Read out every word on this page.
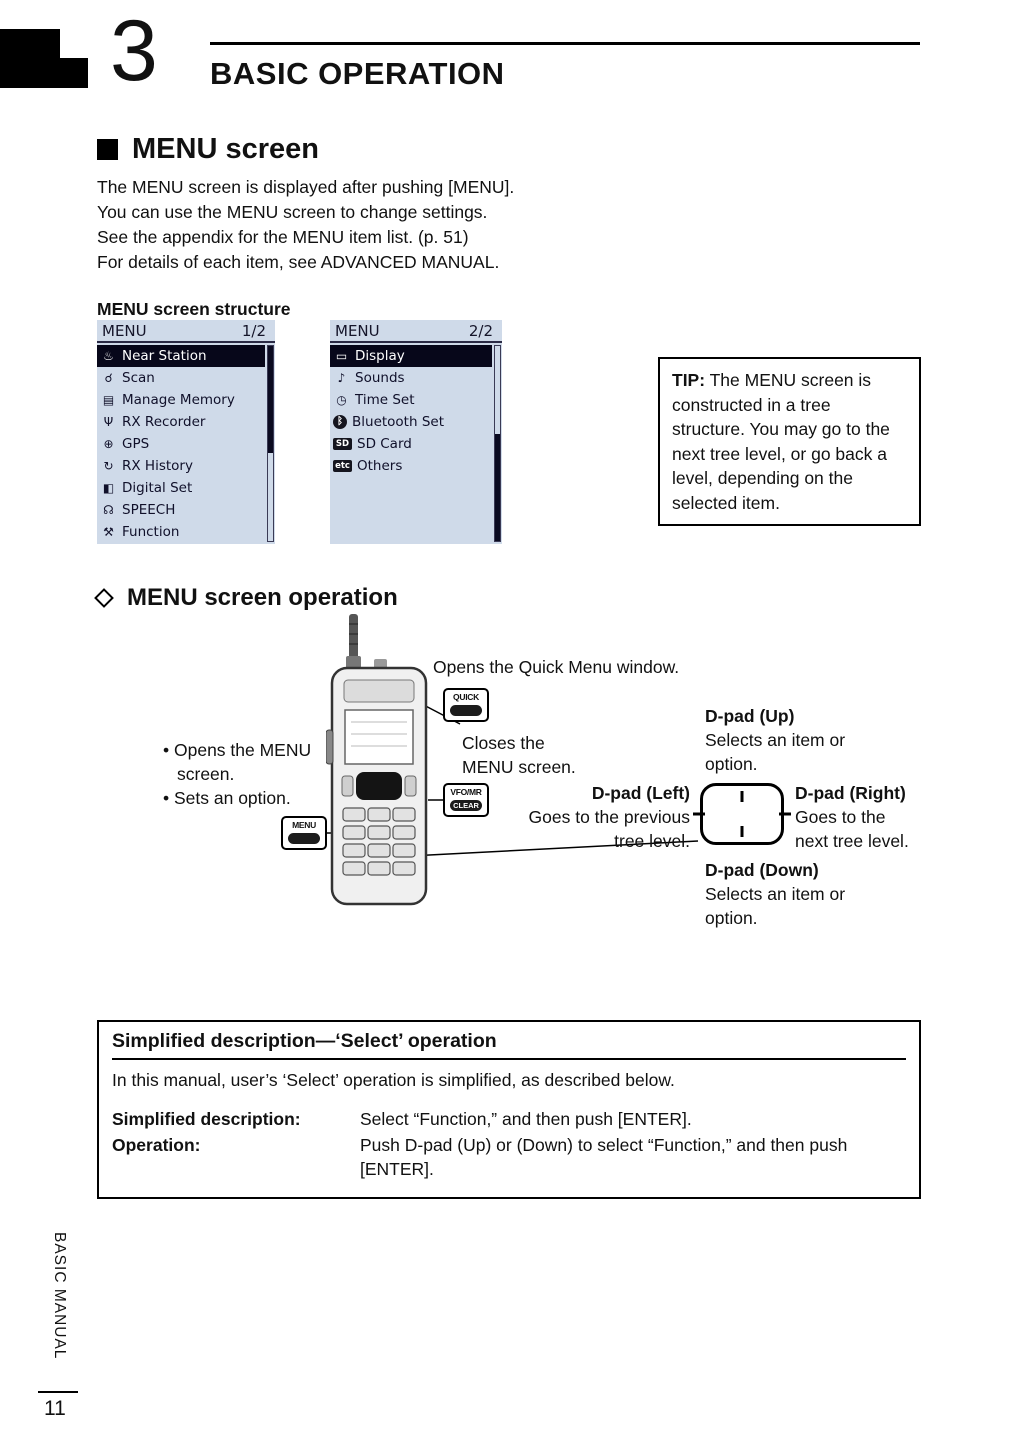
3 BASIC OPERATION
MENU screen
The MENU screen is displayed after pushing [MENU].
You can use the MENU screen to change settings.
See the appendix for the MENU item list. (p. 51)
For details of each item, see ADVANCED MANUAL.
MENU screen structure
MENU	1/2
♨ Near Station
☌ Scan
▤ Manage Memory
Ψ RX Recorder
⊕ GPS
↻ RX History
◧ Digital Set
☊ SPEECH
⚒ Function
MENU	2/2
▭ Display
♪ Sounds
◷ Time Set
ᛒ Bluetooth Set
SD SD Card
etc Others
TIP: The MENU screen is constructed in a tree structure. You may go to the next tree level, or go back a level, depending on the selected item.
MENU screen operation
Opens the Quick Menu window.
QUICK
Closes the MENU screen.
VFO/MR
CLEAR
• Opens the MENU screen.
• Sets an option.
MENU
D-pad (Up)
Selects an item or option.
D-pad (Left)
Goes to the previous tree level.
D-pad (Right)
Goes to the next tree level.
D-pad (Down)
Selects an item or option.
Simplified description—‘Select’ operation
In this manual, user’s ‘Select’ operation is simplified, as described below.
Simplified description:	Select “Function,” and then push [ENTER].
Operation:	Push D-pad (Up) or (Down) to select “Function,” and then push [ENTER].
BASIC MANUAL
11
